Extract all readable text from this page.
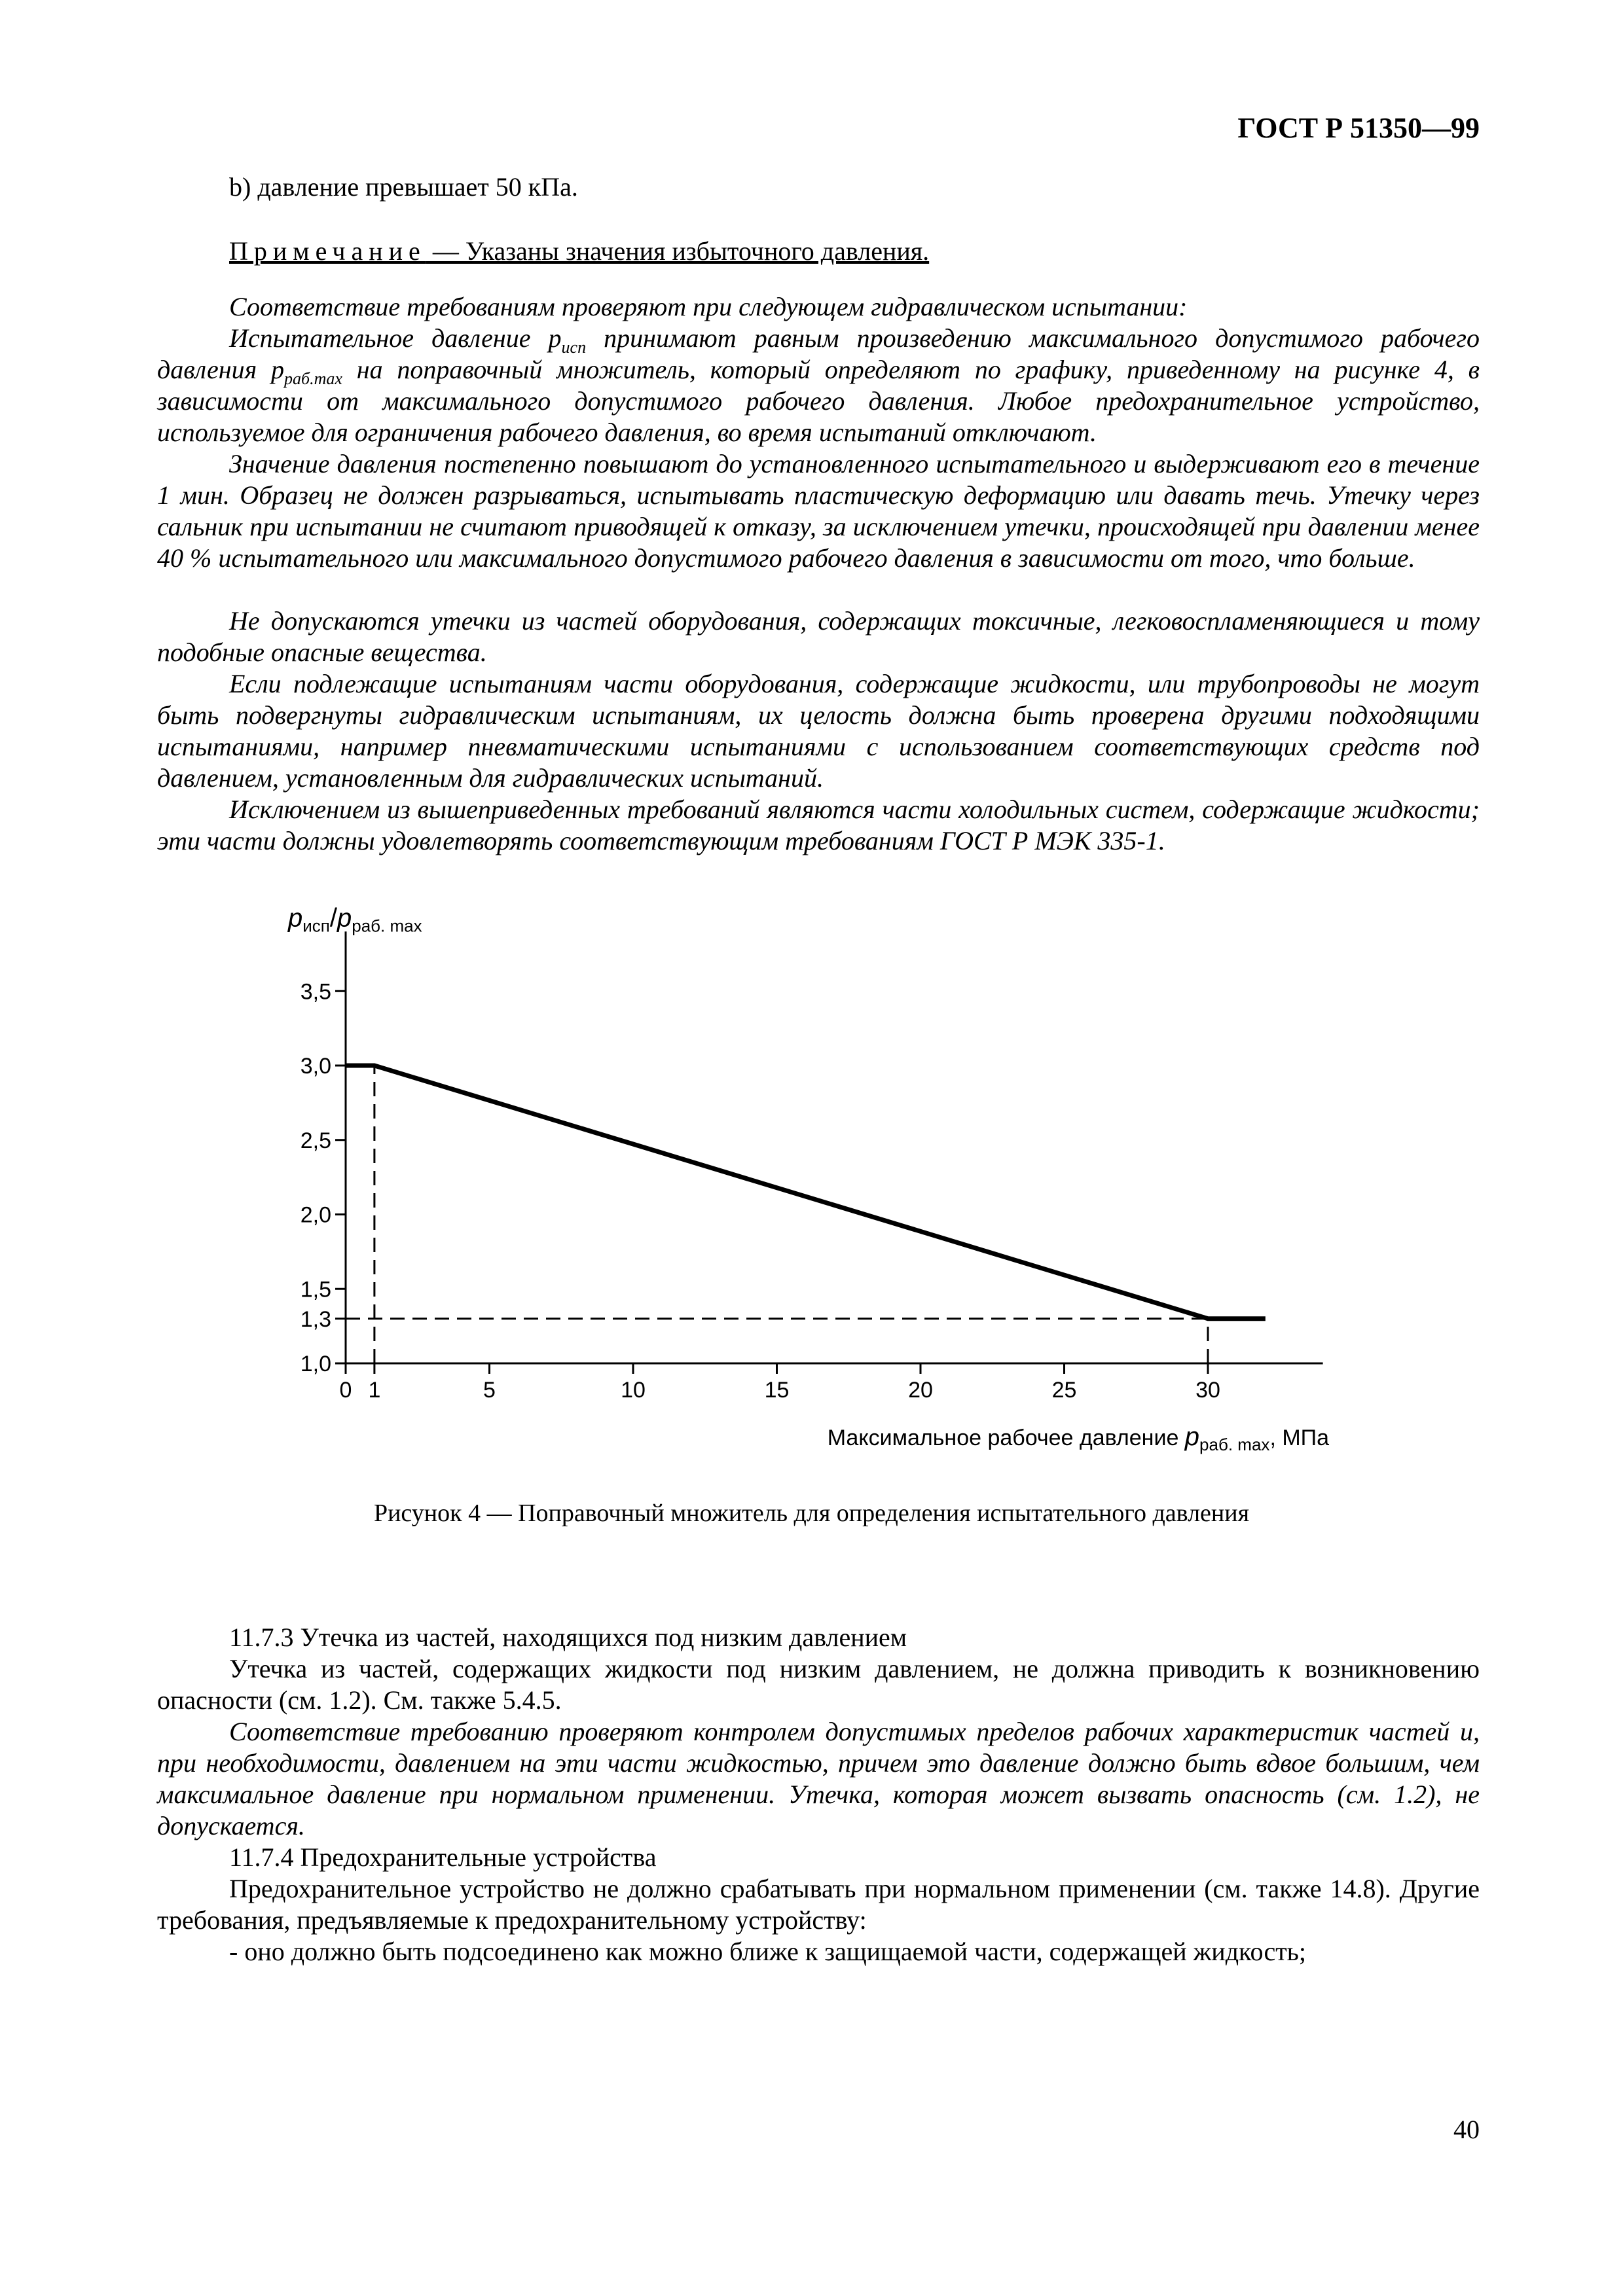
ГОСТ Р 51350—99

b) давление превышает 50 кПа.

Примечание — Указаны значения избыточного давления.

Соответствие требованиям проверяют при следующем гидравлическом испытании:

Испытательное давление $p_{исп}$ принимают равным произведению максимального допустимого рабочего давления $p_{раб.max}$ на поправочный множитель, который определяют по графику, приведенному на рисунке 4, в зависимости от максимального допустимого рабочего давления. Любое предохранительное устройство, используемое для ограничения рабочего давления, во время испытаний отключают.

Значение давления постепенно повышают до установленного испытательного и выдерживают его в течение 1 мин. Образец не должен разрываться, испытывать пластическую деформацию или давать течь. Утечку через сальник при испытании не считают приводящей к отказу, за исключением утечки, происходящей при давлении менее 40 % испытательного или максимального допустимого рабочего давления в зависимости от того, что больше.

Не допускаются утечки из частей оборудования, содержащих токсичные, легковоспламеняющиеся и тому подобные опасные вещества.

Если подлежащие испытаниям части оборудования, содержащие жидкости, или трубопроводы не могут быть подвергнуты гидравлическим испытаниям, их целость должна быть проверена другими подходящими испытаниями, например пневматическими испытаниями с использованием соответствующих средств под давлением, установленным для гидравлических испытаний.

Исключением из вышеприведенных требований являются части холодильных систем, содержащие жидкости; эти части должны удовлетворять соответствующим требованиям ГОСТ Р МЭК 335-1.

0 1	5	10	15	20	25	30
1,0
1,3
1,5
2,0
2,5
3,0
3,5
$p_{исп}/p_{раб. max}$
Максимальное рабочее давление $p_{раб. max}$, МПа
Рисунок 4 — Поправочный множитель для определения испытательного давления

11.7.3 Утечка из частей, находящихся под низким давлением

Утечка из частей, содержащих жидкости под низким давлением, не должна приводить к возникновению опасности (см. 1.2). См. также 5.4.5.

Соответствие требованию проверяют контролем допустимых пределов рабочих характеристик частей и, при необходимости, давлением на эти части жидкостью, причем это давление должно быть вдвое большим, чем максимальное давление при нормальном применении. Утечка, которая может вызвать опасность (см. 1.2), не допускается.

11.7.4 Предохранительные устройства

Предохранительное устройство не должно срабатывать при нормальном применении (см. также 14.8). Другие требования, предъявляемые к предохранительному устройству:

- оно должно быть подсоединено как можно ближе к защищаемой части, содержащей жидкость;

40
